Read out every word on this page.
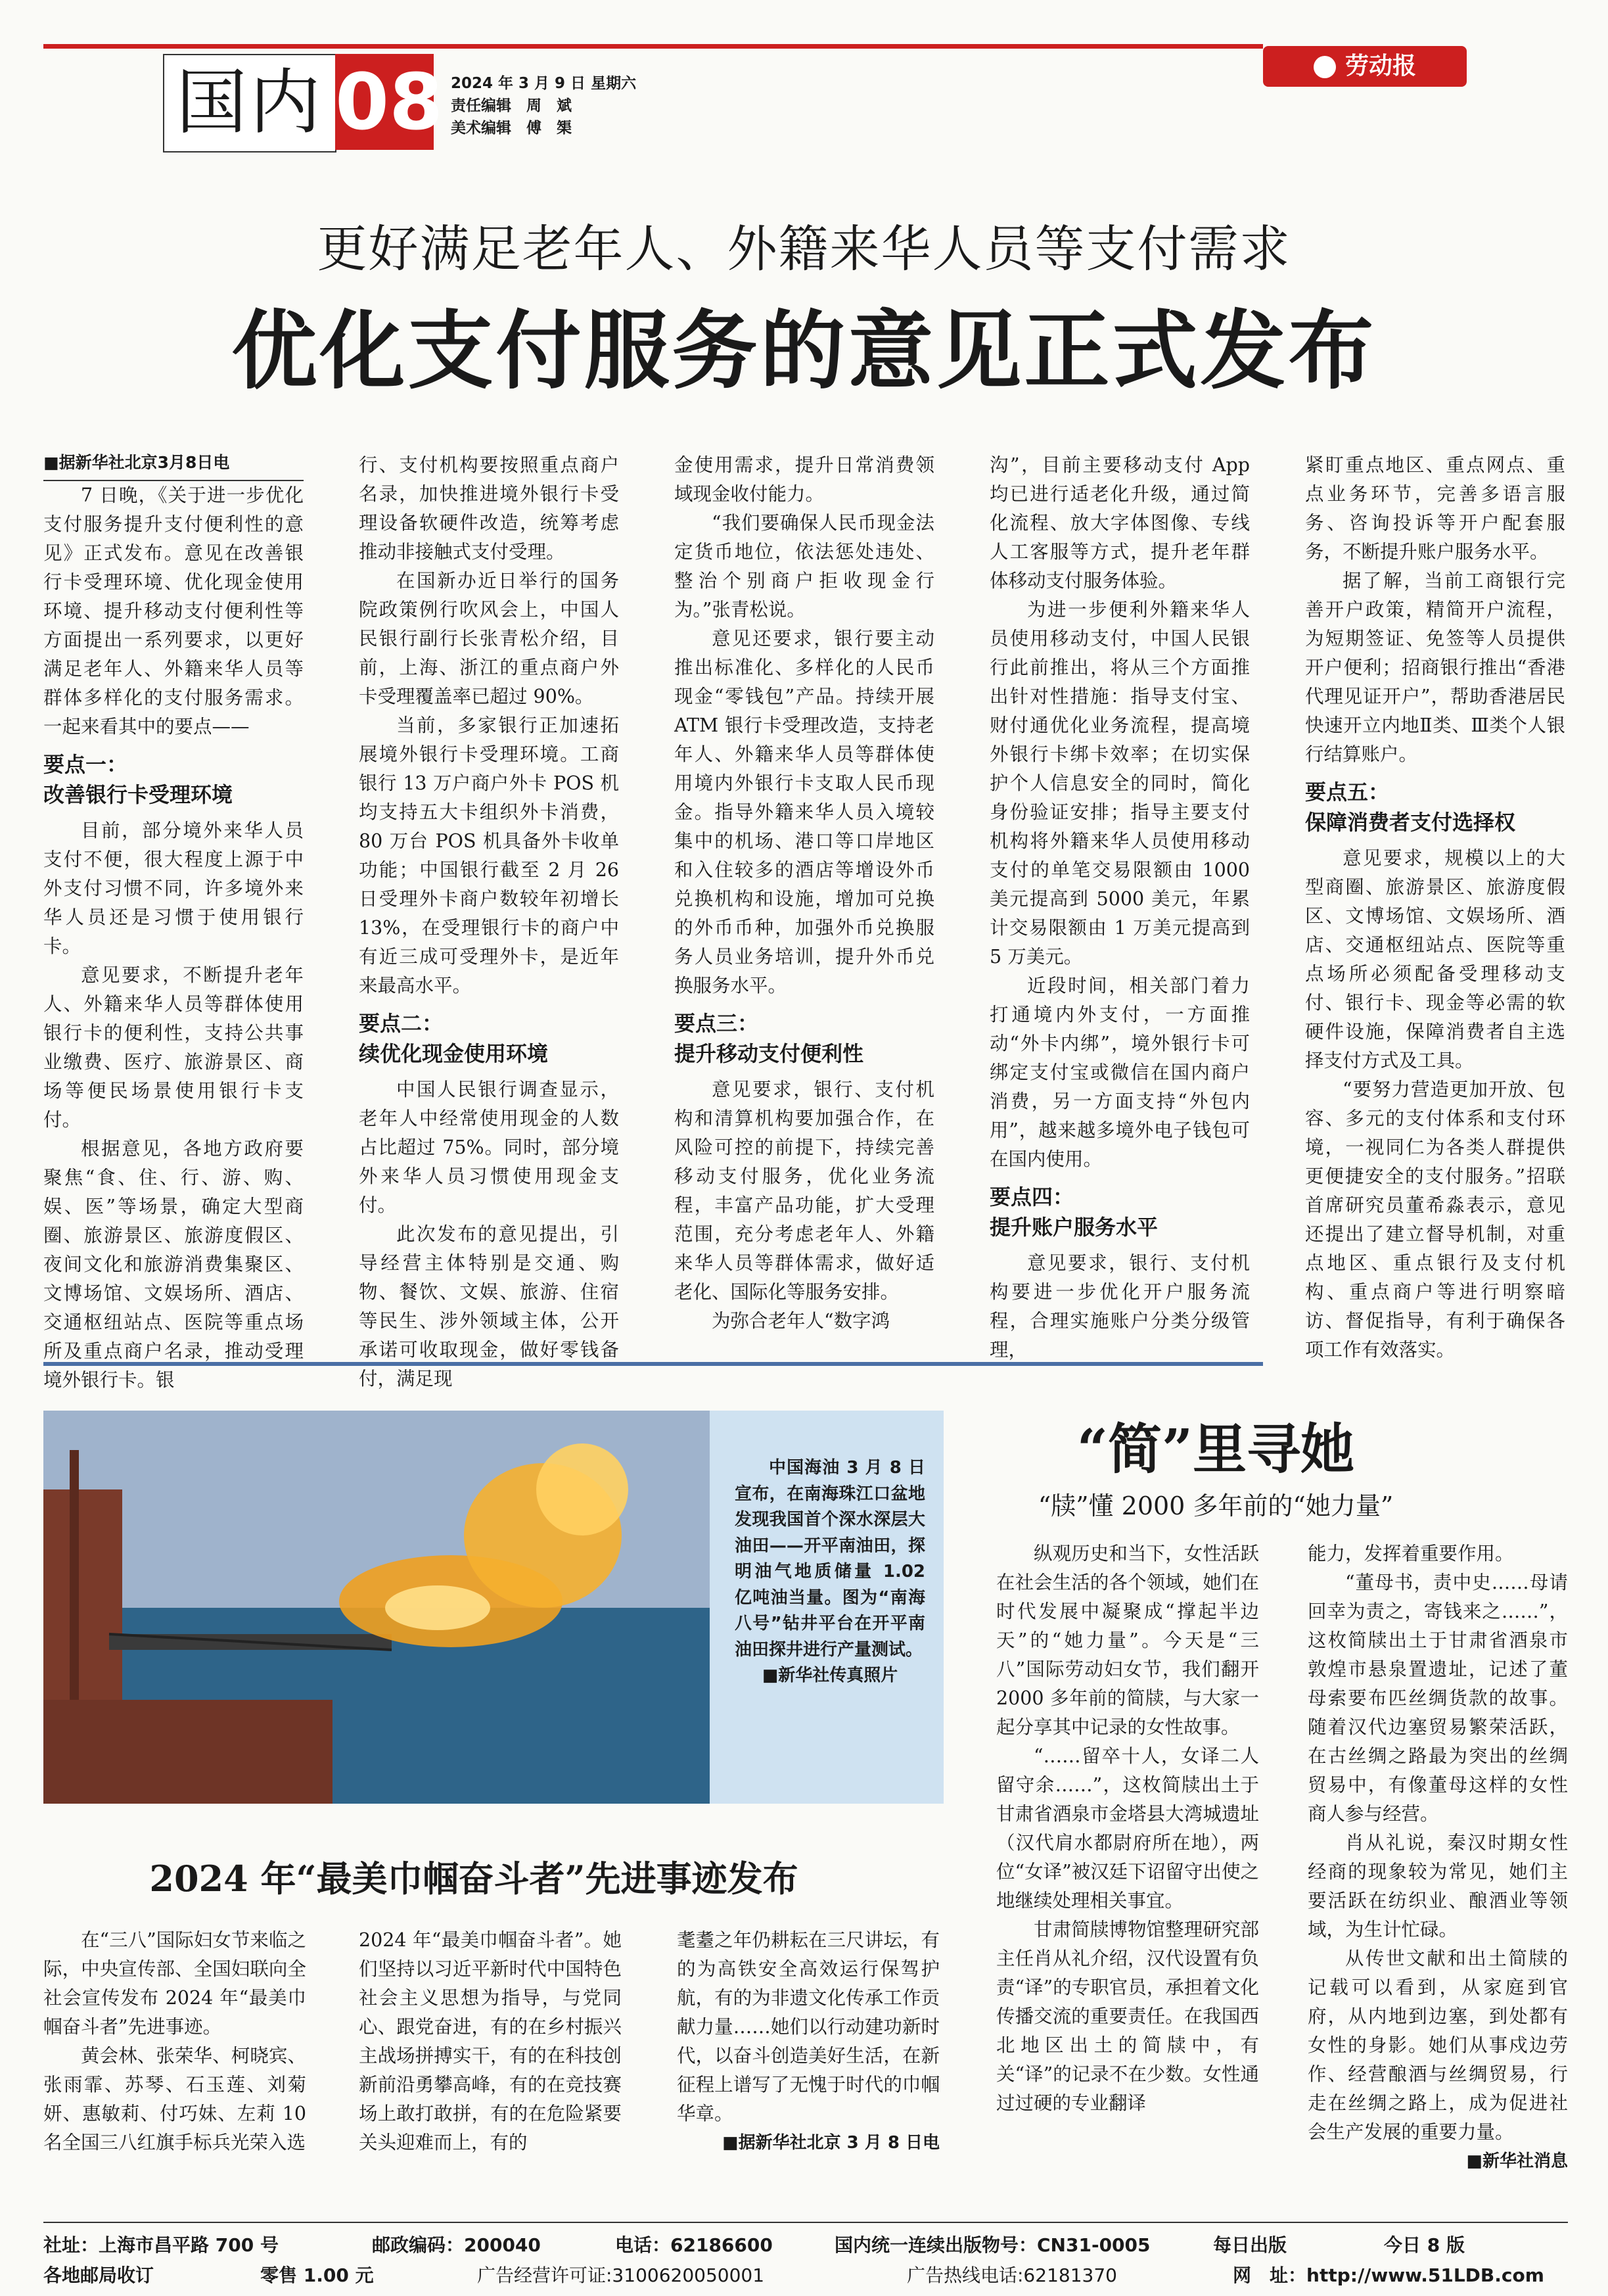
国内 08 2024 年 3 月 9 日 星期六
责任编辑　周　斌
美术编辑　傅　榘
劳动报
更好满足老年人、外籍来华人员等支付需求
优化支付服务的意见正式发布

■据新华社北京3月8日电

7 日晚，《关于进一步优化支付服务提升支付便利性的意见》正式发布。意见在改善银行卡受理环境、优化现金使用环境、提升移动支付便利性等方面提出一系列要求，以更好满足老年人、外籍来华人员等群体多样化的支付服务需求。一起来看其中的要点——

要点一：
改善银行卡受理环境

目前，部分境外来华人员支付不便，很大程度上源于中外支付习惯不同，许多境外来华人员还是习惯于使用银行卡。

意见要求，不断提升老年人、外籍来华人员等群体使用银行卡的便利性，支持公共事业缴费、医疗、旅游景区、商场等便民场景使用银行卡支付。

根据意见，各地方政府要聚焦“食、住、行、游、购、娱、医”等场景，确定大型商圈、旅游景区、旅游度假区、夜间文化和旅游消费集聚区、文博场馆、文娱场所、酒店、交通枢纽站点、医院等重点场所及重点商户名录，推动受理境外银行卡。银

行、支付机构要按照重点商户名录，加快推进境外银行卡受理设备软硬件改造，统筹考虑推动非接触式支付受理。

在国新办近日举行的国务院政策例行吹风会上，中国人民银行副行长张青松介绍，目前，上海、浙江的重点商户外卡受理覆盖率已超过 90%。

当前，多家银行正加速拓展境外银行卡受理环境。工商银行 13 万户商户外卡 POS 机均支持五大卡组织外卡消费，80 万台 POS 机具备外卡收单功能；中国银行截至 2 月 26 日受理外卡商户数较年初增长 13%，在受理银行卡的商户中有近三成可受理外卡，是近年来最高水平。

要点二：
续优化现金使用环境

中国人民银行调查显示，老年人中经常使用现金的人数占比超过 75%。同时，部分境外来华人员习惯使用现金支付。

此次发布的意见提出，引导经营主体特别是交通、购物、餐饮、文娱、旅游、住宿等民生、涉外领域主体，公开承诺可收取现金，做好零钱备付，满足现

金使用需求，提升日常消费领域现金收付能力。

“我们要确保人民币现金法定货币地位，依法惩处违处、整治个别商户拒收现金行为。”张青松说。

意见还要求，银行要主动推出标准化、多样化的人民币现金“零钱包”产品。持续开展 ATM 银行卡受理改造，支持老年人、外籍来华人员等群体使用境内外银行卡支取人民币现金。指导外籍来华人员入境较集中的机场、港口等口岸地区和入住较多的酒店等增设外币兑换机构和设施，增加可兑换的外币币种，加强外币兑换服务人员业务培训，提升外币兑换服务水平。

要点三：
提升移动支付便利性

意见要求，银行、支付机构和清算机构要加强合作，在风险可控的前提下，持续完善移动支付服务，优化业务流程，丰富产品功能，扩大受理范围，充分考虑老年人、外籍来华人员等群体需求，做好适老化、国际化等服务安排。

为弥合老年人“数字鸿

沟”，目前主要移动支付 App 均已进行适老化升级，通过简化流程、放大字体图像、专线人工客服等方式，提升老年群体移动支付服务体验。

为进一步便利外籍来华人员使用移动支付，中国人民银行此前推出，将从三个方面推出针对性措施：指导支付宝、财付通优化业务流程，提高境外银行卡绑卡效率；在切实保护个人信息安全的同时，简化身份验证安排；指导主要支付机构将外籍来华人员使用移动支付的单笔交易限额由 1000 美元提高到 5000 美元，年累计交易限额由 1 万美元提高到 5 万美元。

近段时间，相关部门着力打通境内外支付，一方面推动“外卡内绑”，境外银行卡可绑定支付宝或微信在国内商户消费，另一方面支持“外包内用”，越来越多境外电子钱包可在国内使用。

要点四：
提升账户服务水平

意见要求，银行、支付机构要进一步优化开户服务流程，合理实施账户分类分级管理，

紧盯重点地区、重点网点、重点业务环节，完善多语言服务、咨询投诉等开户配套服务，不断提升账户服务水平。

据了解，当前工商银行完善开户政策，精简开户流程，为短期签证、免签等人员提供开户便利；招商银行推出“香港代理见证开户”，帮助香港居民快速开立内地Ⅱ类、Ⅲ类个人银行结算账户。

要点五：
保障消费者支付选择权

意见要求，规模以上的大型商圈、旅游景区、旅游度假区、文博场馆、文娱场所、酒店、交通枢纽站点、医院等重点场所必须配备受理移动支付、银行卡、现金等必需的软硬件设施，保障消费者自主选择支付方式及工具。

“要努力营造更加开放、包容、多元的支付体系和支付环境，一视同仁为各类人群提供更便捷安全的支付服务。”招联首席研究员董希淼表示，意见还提出了建立督导机制，对重点地区、重点银行及支付机构、重点商户等进行明察暗访、督促指导，有利于确保各项工作有效落实。

中国海油 3 月 8 日宣布，在南海珠江口盆地发现我国首个深水深层大油田——开平南油田，探明油气地质储量 1.02 亿吨油当量。图为“南海八号”钻井平台在开平南油田探井进行产量测试。
■新华社传真照片
“简”里寻她
“牍”懂 2000 多年前的“她力量”

纵观历史和当下，女性活跃在社会生活的各个领域，她们在时代发展中凝聚成“撑起半边天”的“她力量”。今天是“三八”国际劳动妇女节，我们翻开 2000 多年前的简牍，与大家一起分享其中记录的女性故事。

“……留卒十人，女译二人留守余……”，这枚简牍出土于甘肃省酒泉市金塔县大湾城遗址（汉代肩水都尉府所在地），两位“女译”被汉廷下诏留守出使之地继续处理相关事宜。

甘肃简牍博物馆整理研究部主任肖从礼介绍，汉代设置有负责“译”的专职官员，承担着文化传播交流的重要责任。在我国西北地区出土的简牍中，有关“译”的记录不在少数。女性通过过硬的专业翻译

能力，发挥着重要作用。

“董母书，责中史……母请回幸为责之，寄钱来之……”，这枚简牍出土于甘肃省酒泉市敦煌市悬泉置遗址，记述了董母索要布匹丝绸货款的故事。随着汉代边塞贸易繁荣活跃，在古丝绸之路最为突出的丝绸贸易中，有像董母这样的女性商人参与经营。

肖从礼说，秦汉时期女性经商的现象较为常见，她们主要活跃在纺织业、酿酒业等领域，为生计忙碌。

从传世文献和出土简牍的记载可以看到，从家庭到官府，从内地到边塞，到处都有女性的身影。她们从事戍边劳作、经营酿酒与丝绸贸易，行走在丝绸之路上，成为促进社会生产发展的重要力量。

■新华社消息
2024 年“最美巾帼奋斗者”先进事迹发布

在“三八”国际妇女节来临之际，中央宣传部、全国妇联向全社会宣传发布 2024 年“最美巾帼奋斗者”先进事迹。

黄会林、张荣华、柯晓宾、张雨霏、苏琴、石玉莲、刘菊妍、惠敏莉、付巧妹、左莉 10 名全国三八红旗手标兵光荣入选

2024 年“最美巾帼奋斗者”。她们坚持以习近平新时代中国特色社会主义思想为指导，与党同心、跟党奋进，有的在乡村振兴主战场拼搏实干，有的在科技创新前沿勇攀高峰，有的在竞技赛场上敢打敢拼，有的在危险紧要关头迎难而上，有的

耄耋之年仍耕耘在三尺讲坛，有的为高铁安全高效运行保驾护航，有的为非遗文化传承工作贡献力量……她们以行动建功新时代，以奋斗创造美好生活，在新征程上谱写了无愧于时代的巾帼华章。

■据新华社北京 3 月 8 日电
社址：上海市昌平路 700 号	邮政编码：200040	电话：62186600	国内统一连续出版物号：CN31-0005	每日出版	今日 8 版
各地邮局收订	零售 1.00 元	广告经营许可证:3100620050001	广告热线电话:62181370	网　址：http://www.51LDB.com
